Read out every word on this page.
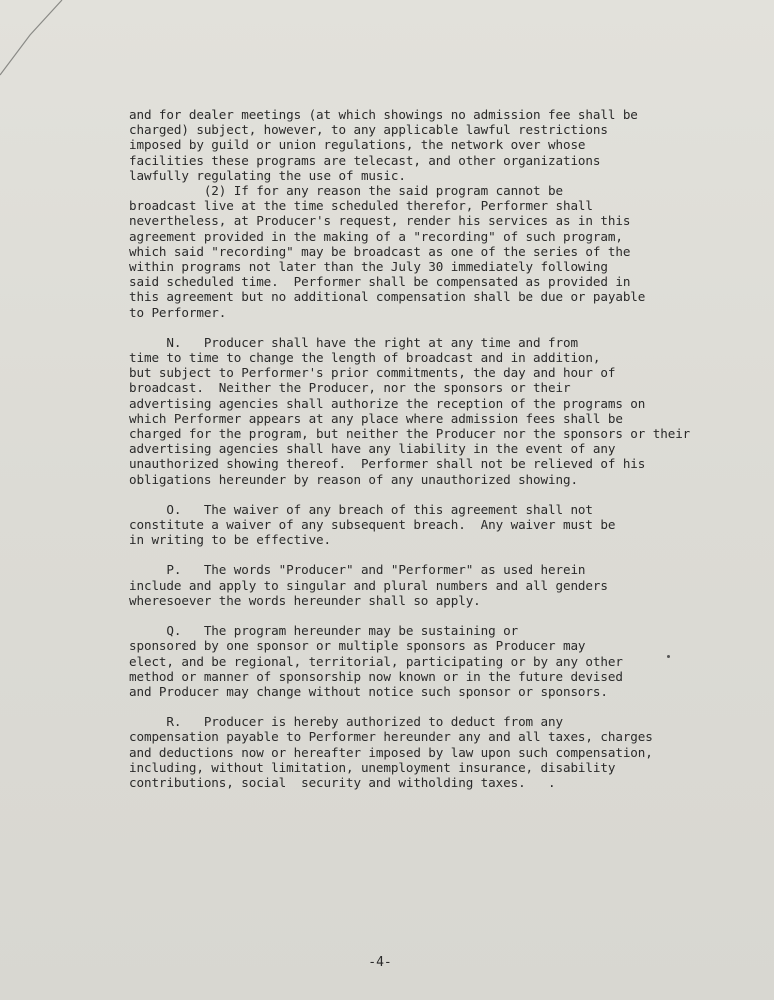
and for dealer meetings (at which showings no admission fee shall be
charged) subject, however, to any applicable lawful restrictions
imposed by guild or union regulations, the network over whose
facilities these programs are telecast, and other organizations
lawfully regulating the use of music.
(2) If for any reason the said program cannot be
broadcast live at the time scheduled therefor, Performer shall
nevertheless, at Producer's request, render his services as in this
agreement provided in the making of a "recording" of such program,
which said "recording" may be broadcast as one of the series of the
within programs not later than the July 30 immediately following
said scheduled time.  Performer shall be compensated as provided in
this agreement but no additional compensation shall be due or payable
to Performer.
N.   Producer shall have the right at any time and from
time to time to change the length of broadcast and in addition,
but subject to Performer's prior commitments, the day and hour of
broadcast.  Neither the Producer, nor the sponsors or their
advertising agencies shall authorize the reception of the programs on
which Performer appears at any place where admission fees shall be
charged for the program, but neither the Producer nor the sponsors or their
advertising agencies shall have any liability in the event of any
unauthorized showing thereof.  Performer shall not be relieved of his
obligations hereunder by reason of any unauthorized showing.
O.   The waiver of any breach of this agreement shall not
constitute a waiver of any subsequent breach.  Any waiver must be
in writing to be effective.
P.   The words "Producer" and "Performer" as used herein
include and apply to singular and plural numbers and all genders
wheresoever the words hereunder shall so apply.
Q.   The program hereunder may be sustaining or
sponsored by one sponsor or multiple sponsors as Producer may
elect, and be regional, territorial, participating or by any other
method or manner of sponsorship now known or in the future devised
and Producer may change without notice such sponsor or sponsors.
R.   Producer is hereby authorized to deduct from any
compensation payable to Performer hereunder any and all taxes, charges
and deductions now or hereafter imposed by law upon such compensation,
including, without limitation, unemployment insurance, disability
contributions, social  security and witholding taxes.   .
-4-
